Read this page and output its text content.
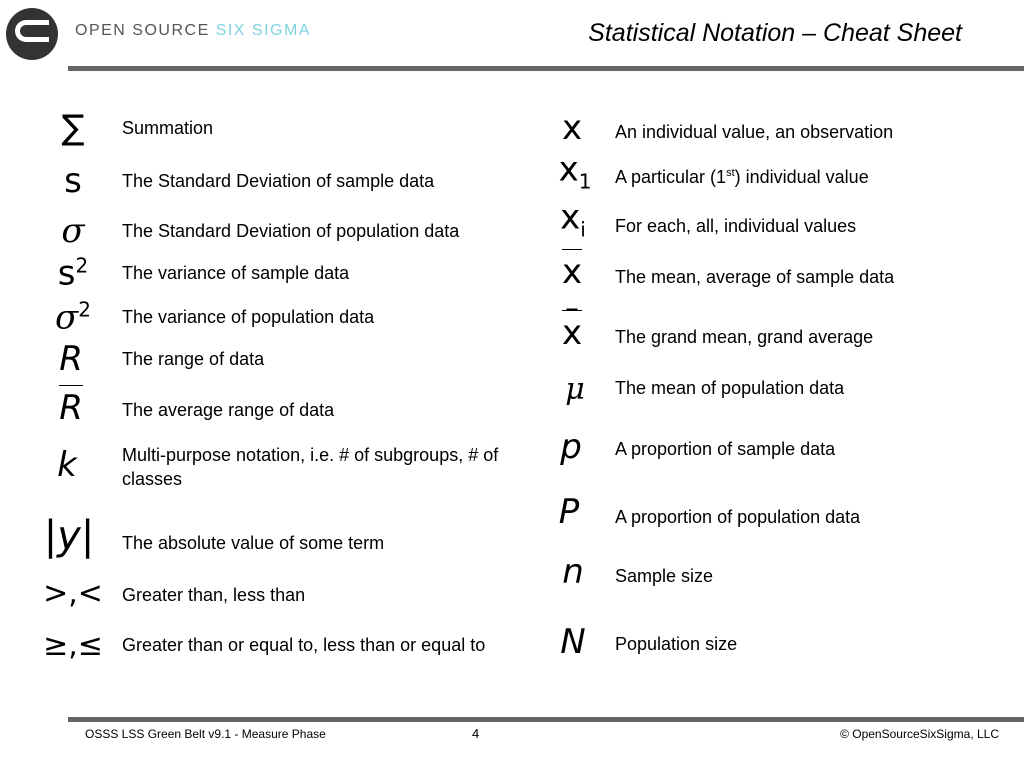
OPEN SOURCE SIX SIGMA	Statistical Notation – Cheat Sheet
∑	Summation
s	The Standard Deviation of sample data
σ	The Standard Deviation of population data
$s^2$	The variance of sample data
$\sigma^2$	The variance of population data
R	The range of data
R	The average range of data
k	Multi-purpose notation, i.e. # of subgroups, # of classes
|y|	The absolute value of some term
>,<	Greater than, less than
≥,≤	Greater than or equal to, less than or equal to
x	An individual value, an observation
$x_1$	A particular (1st) individual value
$x_i$	For each, all, individual values
x	The mean, average of sample data
x	The grand mean, grand average
μ	The mean of population data
p	A proportion of sample data
P	A proportion of population data
n	Sample size
N	Population size
OSSS LSS Green Belt v9.1 - Measure Phase	4	© OpenSourceSixSigma, LLC
